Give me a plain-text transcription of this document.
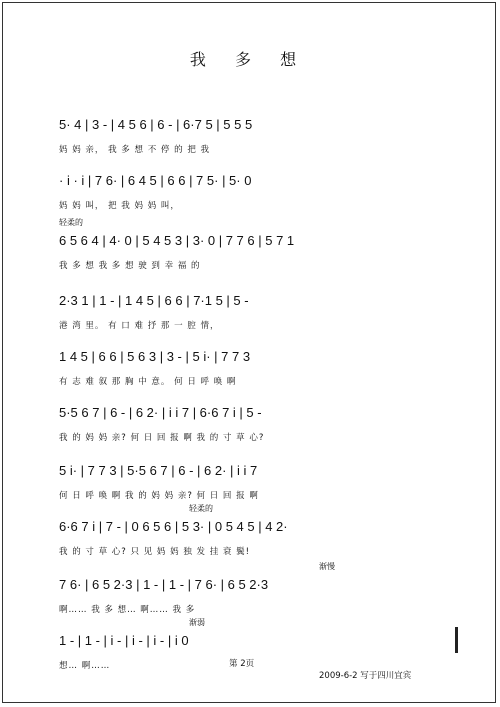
我 多 想
5· 4 | 3 - | 4 5 6 | 6 - | 6·7 5 | 5 5 5
妈 妈 亲， 我 多 想 不 停 的 把 我
· i · i | 7 6· | 6 4 5 | 6 6 | 7 5· | 5· 0
妈 妈 叫， 把 我 妈 妈 叫，
轻柔的
6 5 6 4 | 4· 0 | 5 4 5 3 | 3· 0 | 7 7 6 | 5 7 1
我 多 想 我 多 想 驶 到 幸 福 的
2·3 1 | 1 - | 1 4 5 | 6 6 | 7·1 5 | 5 -
港 湾 里。 有 口 难 抒 那 一 腔 情，
1 4 5 | 6 6 | 5 6 3 | 3 - | 5 i· | 7 7 3
有 志 难 叙 那 胸 中 意。 何 日 呼 唤 啊
5·5 6 7 | 6 - | 6 2· | i i 7 | 6·6 7 i | 5 -
我 的 妈 妈 亲? 何 日 回 报 啊 我 的 寸 草 心?
5 i· | 7 7 3 | 5·5 6 7 | 6 - | 6 2· | i i 7
何 日 呼 唤 啊 我 的 妈 妈 亲? 何 日 回 报 啊
轻柔的
6·6 7 i | 7 - | 0 6 5 6 | 5 3· | 0 5 4 5 | 4 2·
我 的 寸 草 心? 只 见 妈 妈 独 发 挂 衰 鬓!
渐慢
7 6· | 6 5 2·3 | 1 - | 1 - | 7 6· | 6 5 2·3
啊…… 我 多 想… 啊…… 我 多
渐弱
1 - | 1 - | i - | i - | i - | i 0
想… 啊……	第 2页
2009-6-2 写于四川宜宾
